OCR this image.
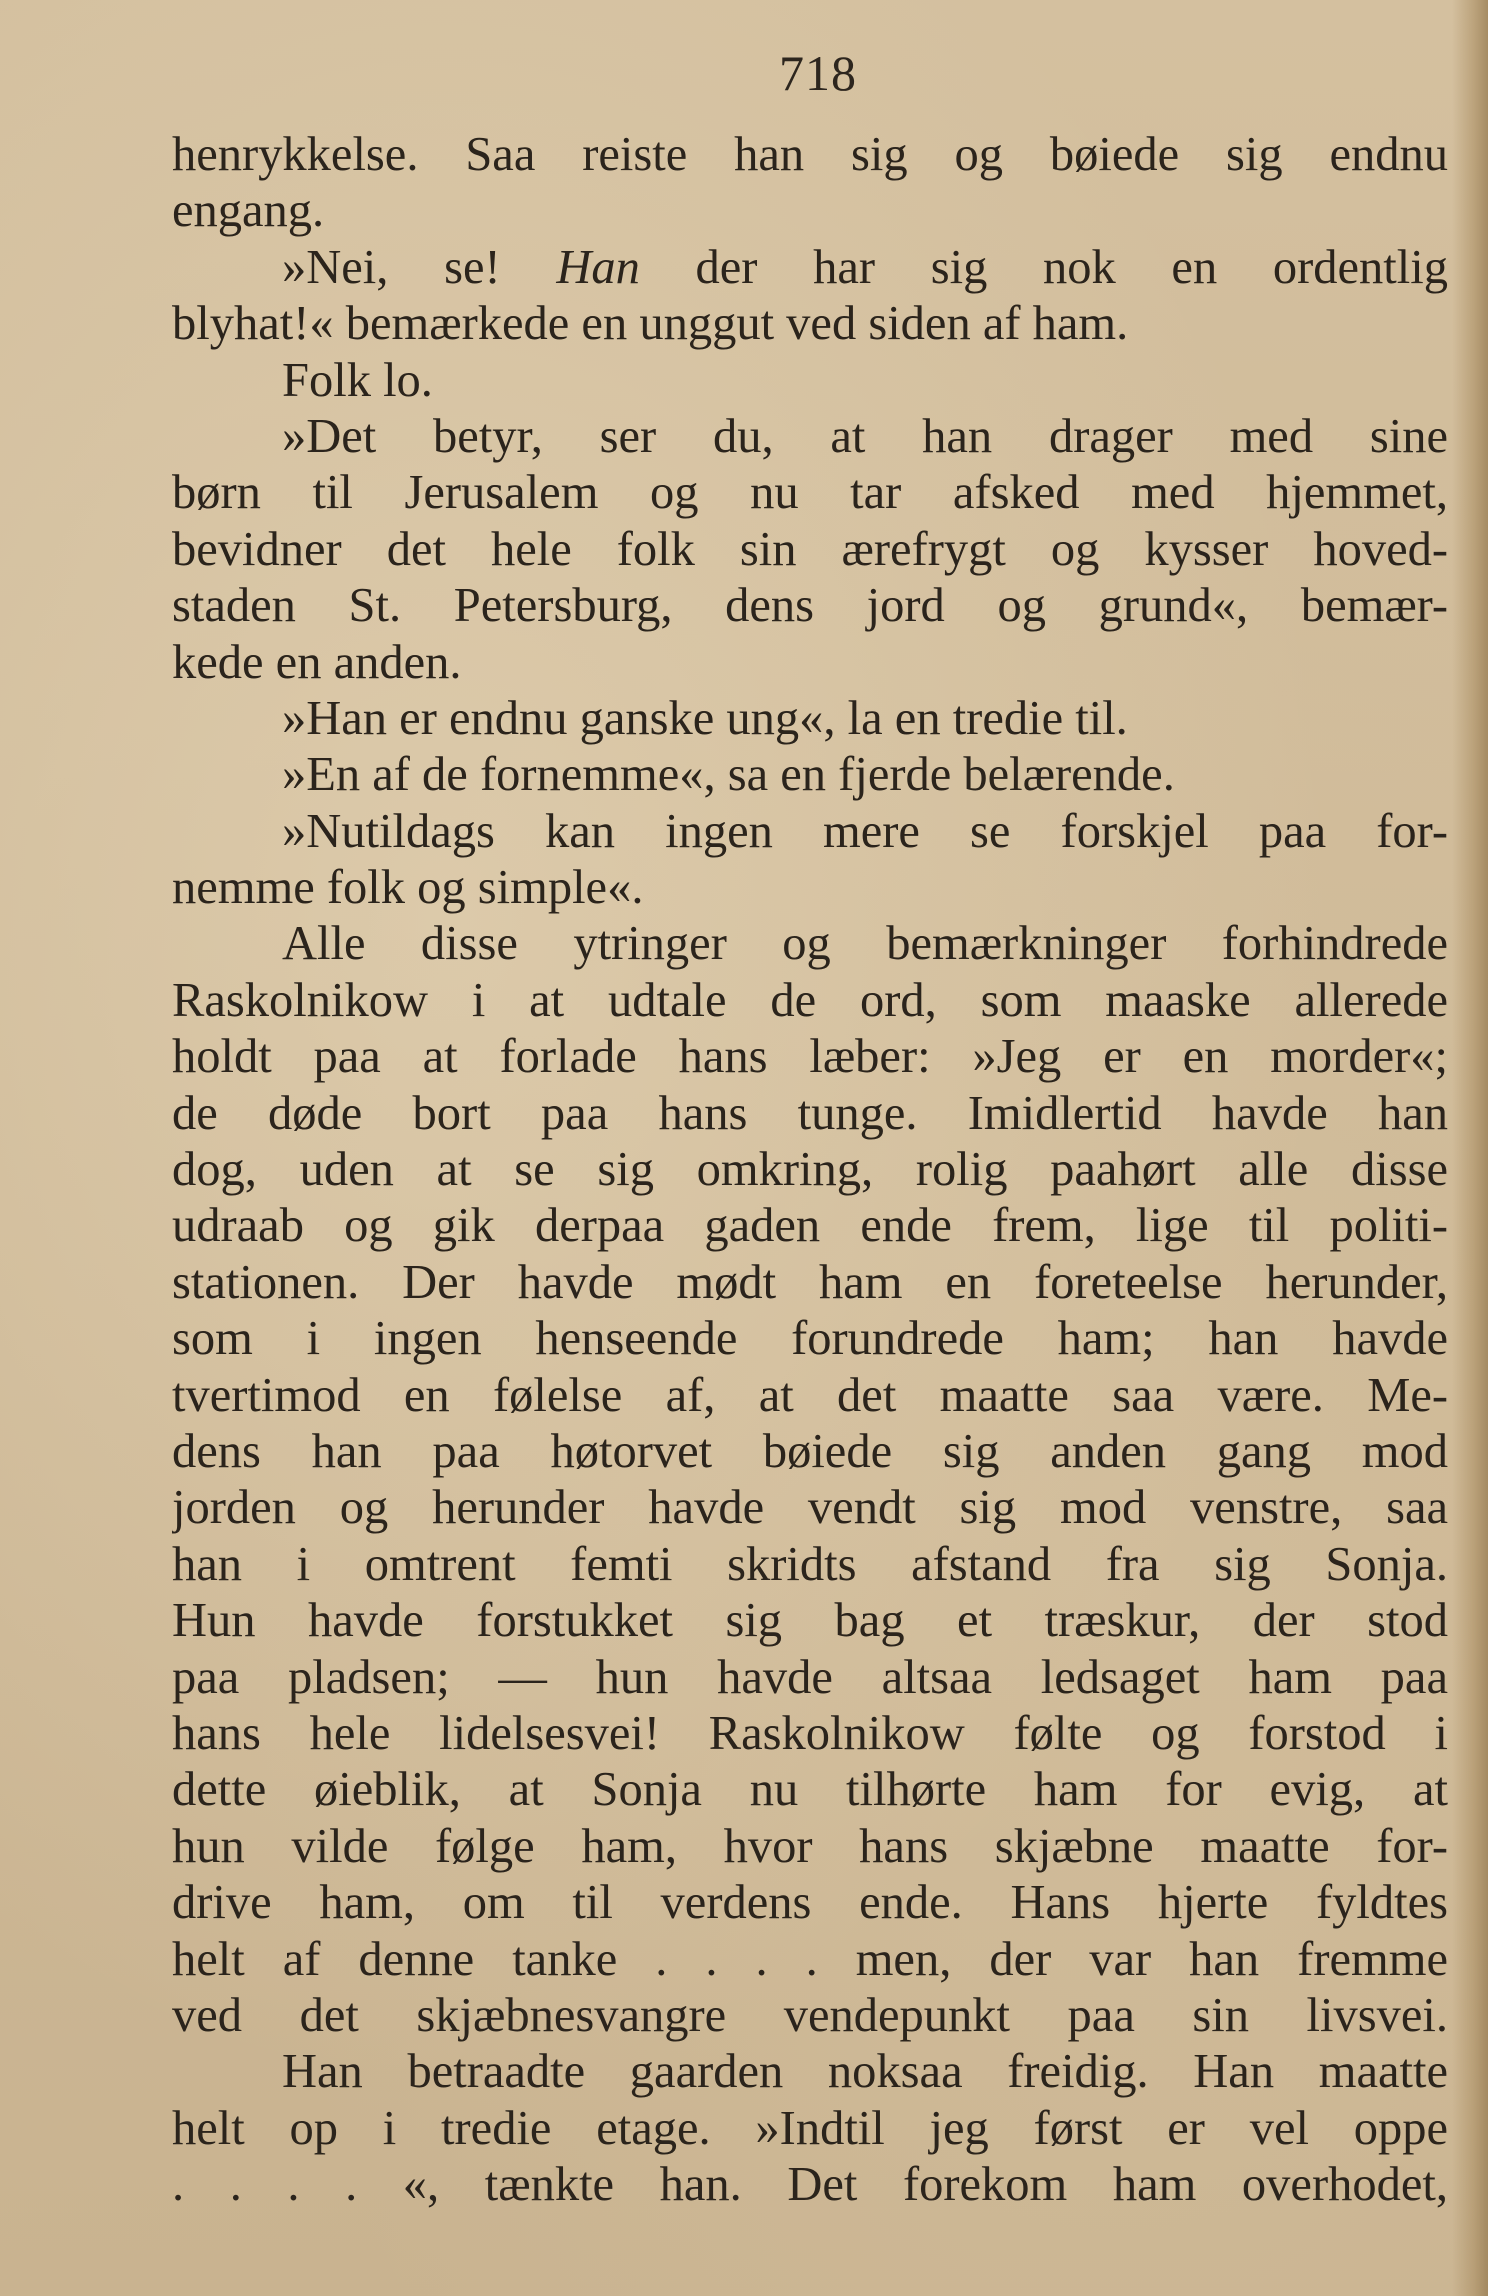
718
henrykkelse. Saa reiste han sig og bøiede sig endnu
engang.
»Nei, se! Han der har sig nok en ordentlig
blyhat!« bemærkede en unggut ved siden af ham.
Folk lo.
»Det betyr, ser du, at han drager med sine
børn til Jerusalem og nu tar afsked med hjemmet,
bevidner det hele folk sin ærefrygt og kysser hoved-
staden St. Petersburg, dens jord og grund«, bemær-
kede en anden.
»Han er endnu ganske ung«, la en tredie til.
»En af de fornemme«, sa en fjerde belærende.
»Nutildags kan ingen mere se forskjel paa for-
nemme folk og simple«.
Alle disse ytringer og bemærkninger forhindrede
Raskolnikow i at udtale de ord, som maaske allerede
holdt paa at forlade hans læber: »Jeg er en morder«;
de døde bort paa hans tunge. Imidlertid havde han
dog, uden at se sig omkring, rolig paahørt alle disse
udraab og gik derpaa gaden ende frem, lige til politi-
stationen. Der havde mødt ham en foreteelse herunder,
som i ingen henseende forundrede ham; han havde
tvertimod en følelse af, at det maatte saa være. Me-
dens han paa høtorvet bøiede sig anden gang mod
jorden og herunder havde vendt sig mod venstre, saa
han i omtrent femti skridts afstand fra sig Sonja.
Hun havde forstukket sig bag et træskur, der stod
paa pladsen; — hun havde altsaa ledsaget ham paa
hans hele lidelsesvei! Raskolnikow følte og forstod i
dette øieblik, at Sonja nu tilhørte ham for evig, at
hun vilde følge ham, hvor hans skjæbne maatte for-
drive ham, om til verdens ende. Hans hjerte fyldtes
helt af denne tanke . . . . men, der var han fremme
ved det skjæbnesvangre vendepunkt paa sin livsvei.
Han betraadte gaarden noksaa freidig. Han maatte
helt op i tredie etage. »Indtil jeg først er vel oppe
. . . . «, tænkte han. Det forekom ham overhodet,
